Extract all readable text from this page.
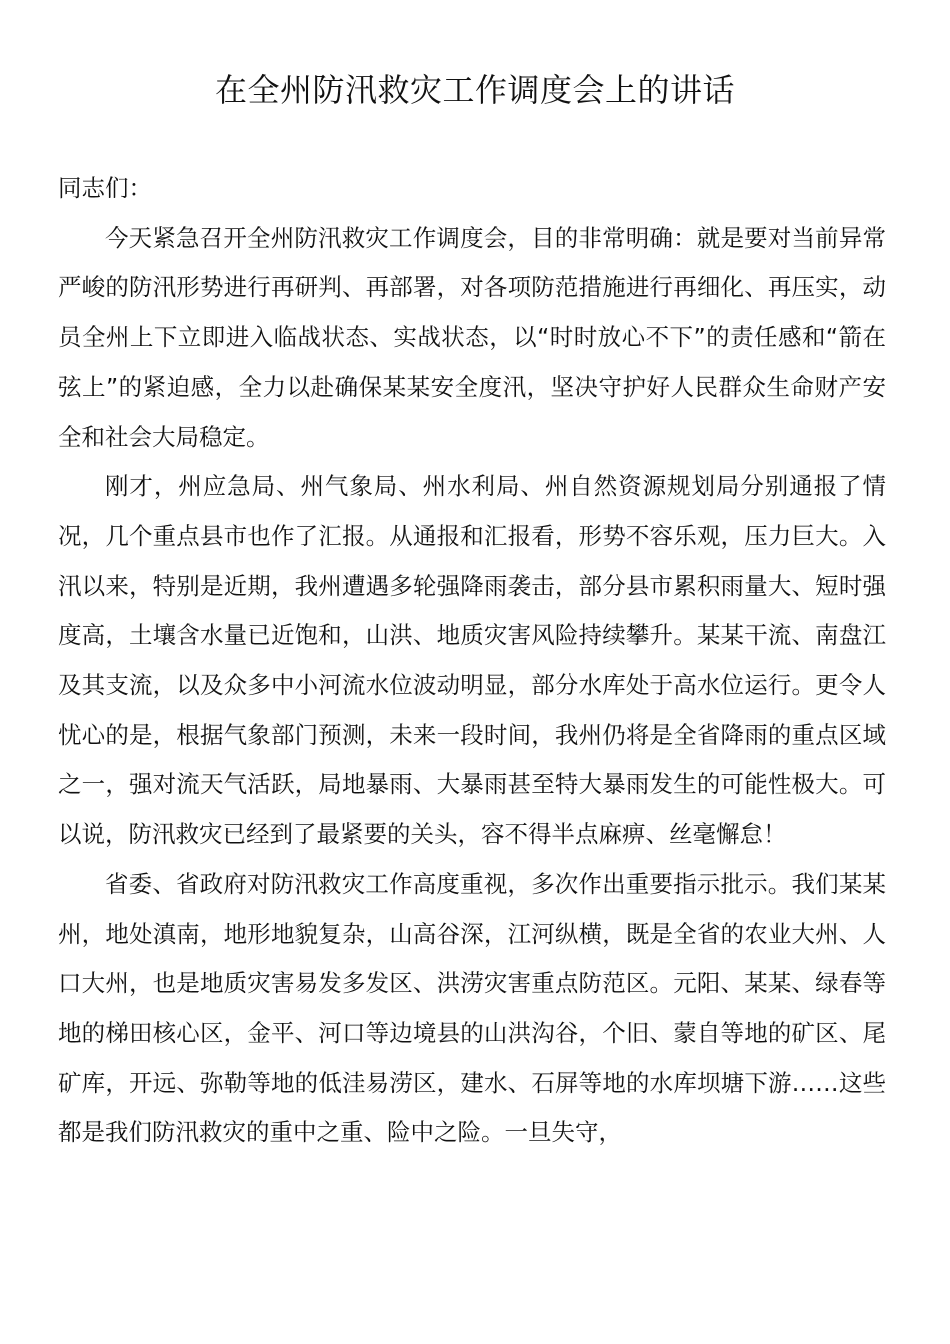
在全州防汛救灾工作调度会上的讲话

同志们：

今天紧急召开全州防汛救灾工作调度会，目的非常明确：就是要对当前异常严峻的防汛形势进行再研判、再部署，对各项防范措施进行再细化、再压实，动员全州上下立即进入临战状态、实战状态，以“时时放心不下”的责任感和“箭在弦上”的紧迫感，全力以赴确保某某安全度汛，坚决守护好人民群众生命财产安全和社会大局稳定。

刚才，州应急局、州气象局、州水利局、州自然资源规划局分别通报了情况，几个重点县市也作了汇报。从通报和汇报看，形势不容乐观，压力巨大。入汛以来，特别是近期，我州遭遇多轮强降雨袭击，部分县市累积雨量大、短时强度高，土壤含水量已近饱和，山洪、地质灾害风险持续攀升。某某干流、南盘江及其支流，以及众多中小河流水位波动明显，部分水库处于高水位运行。更令人忧心的是，根据气象部门预测，未来一段时间，我州仍将是全省降雨的重点区域之一，强对流天气活跃，局地暴雨、大暴雨甚至特大暴雨发生的可能性极大。可以说，防汛救灾已经到了最紧要的关头，容不得半点麻痹、丝毫懈怠！

省委、省政府对防汛救灾工作高度重视，多次作出重要指示批示。我们某某州，地处滇南，地形地貌复杂，山高谷深，江河纵横，既是全省的农业大州、人口大州，也是地质灾害易发多发区、洪涝灾害重点防范区。元阳、某某、绿春等地的梯田核心区，金平、河口等边境县的山洪沟谷，个旧、蒙自等地的矿区、尾矿库，开远、弥勒等地的低洼易涝区，建水、石屏等地的水库坝塘下游……这些都是我们防汛救灾的重中之重、险中之险。一旦失守，
